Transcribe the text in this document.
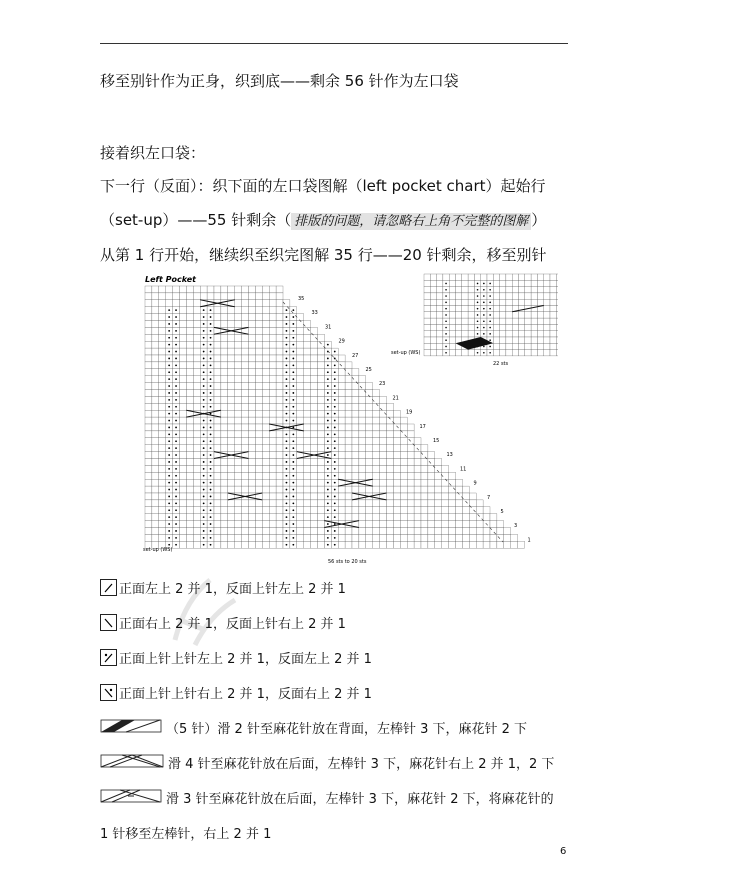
移至别针作为正身，织到底——剩余 56 针作为左口袋
接着织左口袋：
下一行（反面）：织下面的左口袋图解（left pocket chart）起始行
（set-up）——55 针剩余（ 排版的问题，请忽略右上角不完整的图解 ）
从第 1 行开始，继续织至织完图解 35 行——20 针剩余，移至别针
Left Pocket
35
33
31
29
27
25
23
21
19
17
15
13
11
9
7
5
3
1
set-up (WS)
56 sts to 20 sts
set-up (WS)
22 sts
正面左上 2 并 1，反面上针左上 2 并 1
正面右上 2 并 1，反面上针右上 2 并 1
正面上针上针左上 2 并 1，反面左上 2 并 1
正面上针上针右上 2 并 1，反面右上 2 并 1
（5 针）滑 2 针至麻花针放在背面，左棒针 3 下，麻花针 2 下
滑 4 针至麻花针放在后面，左棒针 3 下，麻花针右上 2 并 1，2 下
滑 3 针至麻花针放在后面，左棒针 3 下，麻花针 2 下，将麻花针的
1 针移至左棒针，右上 2 并 1
6
